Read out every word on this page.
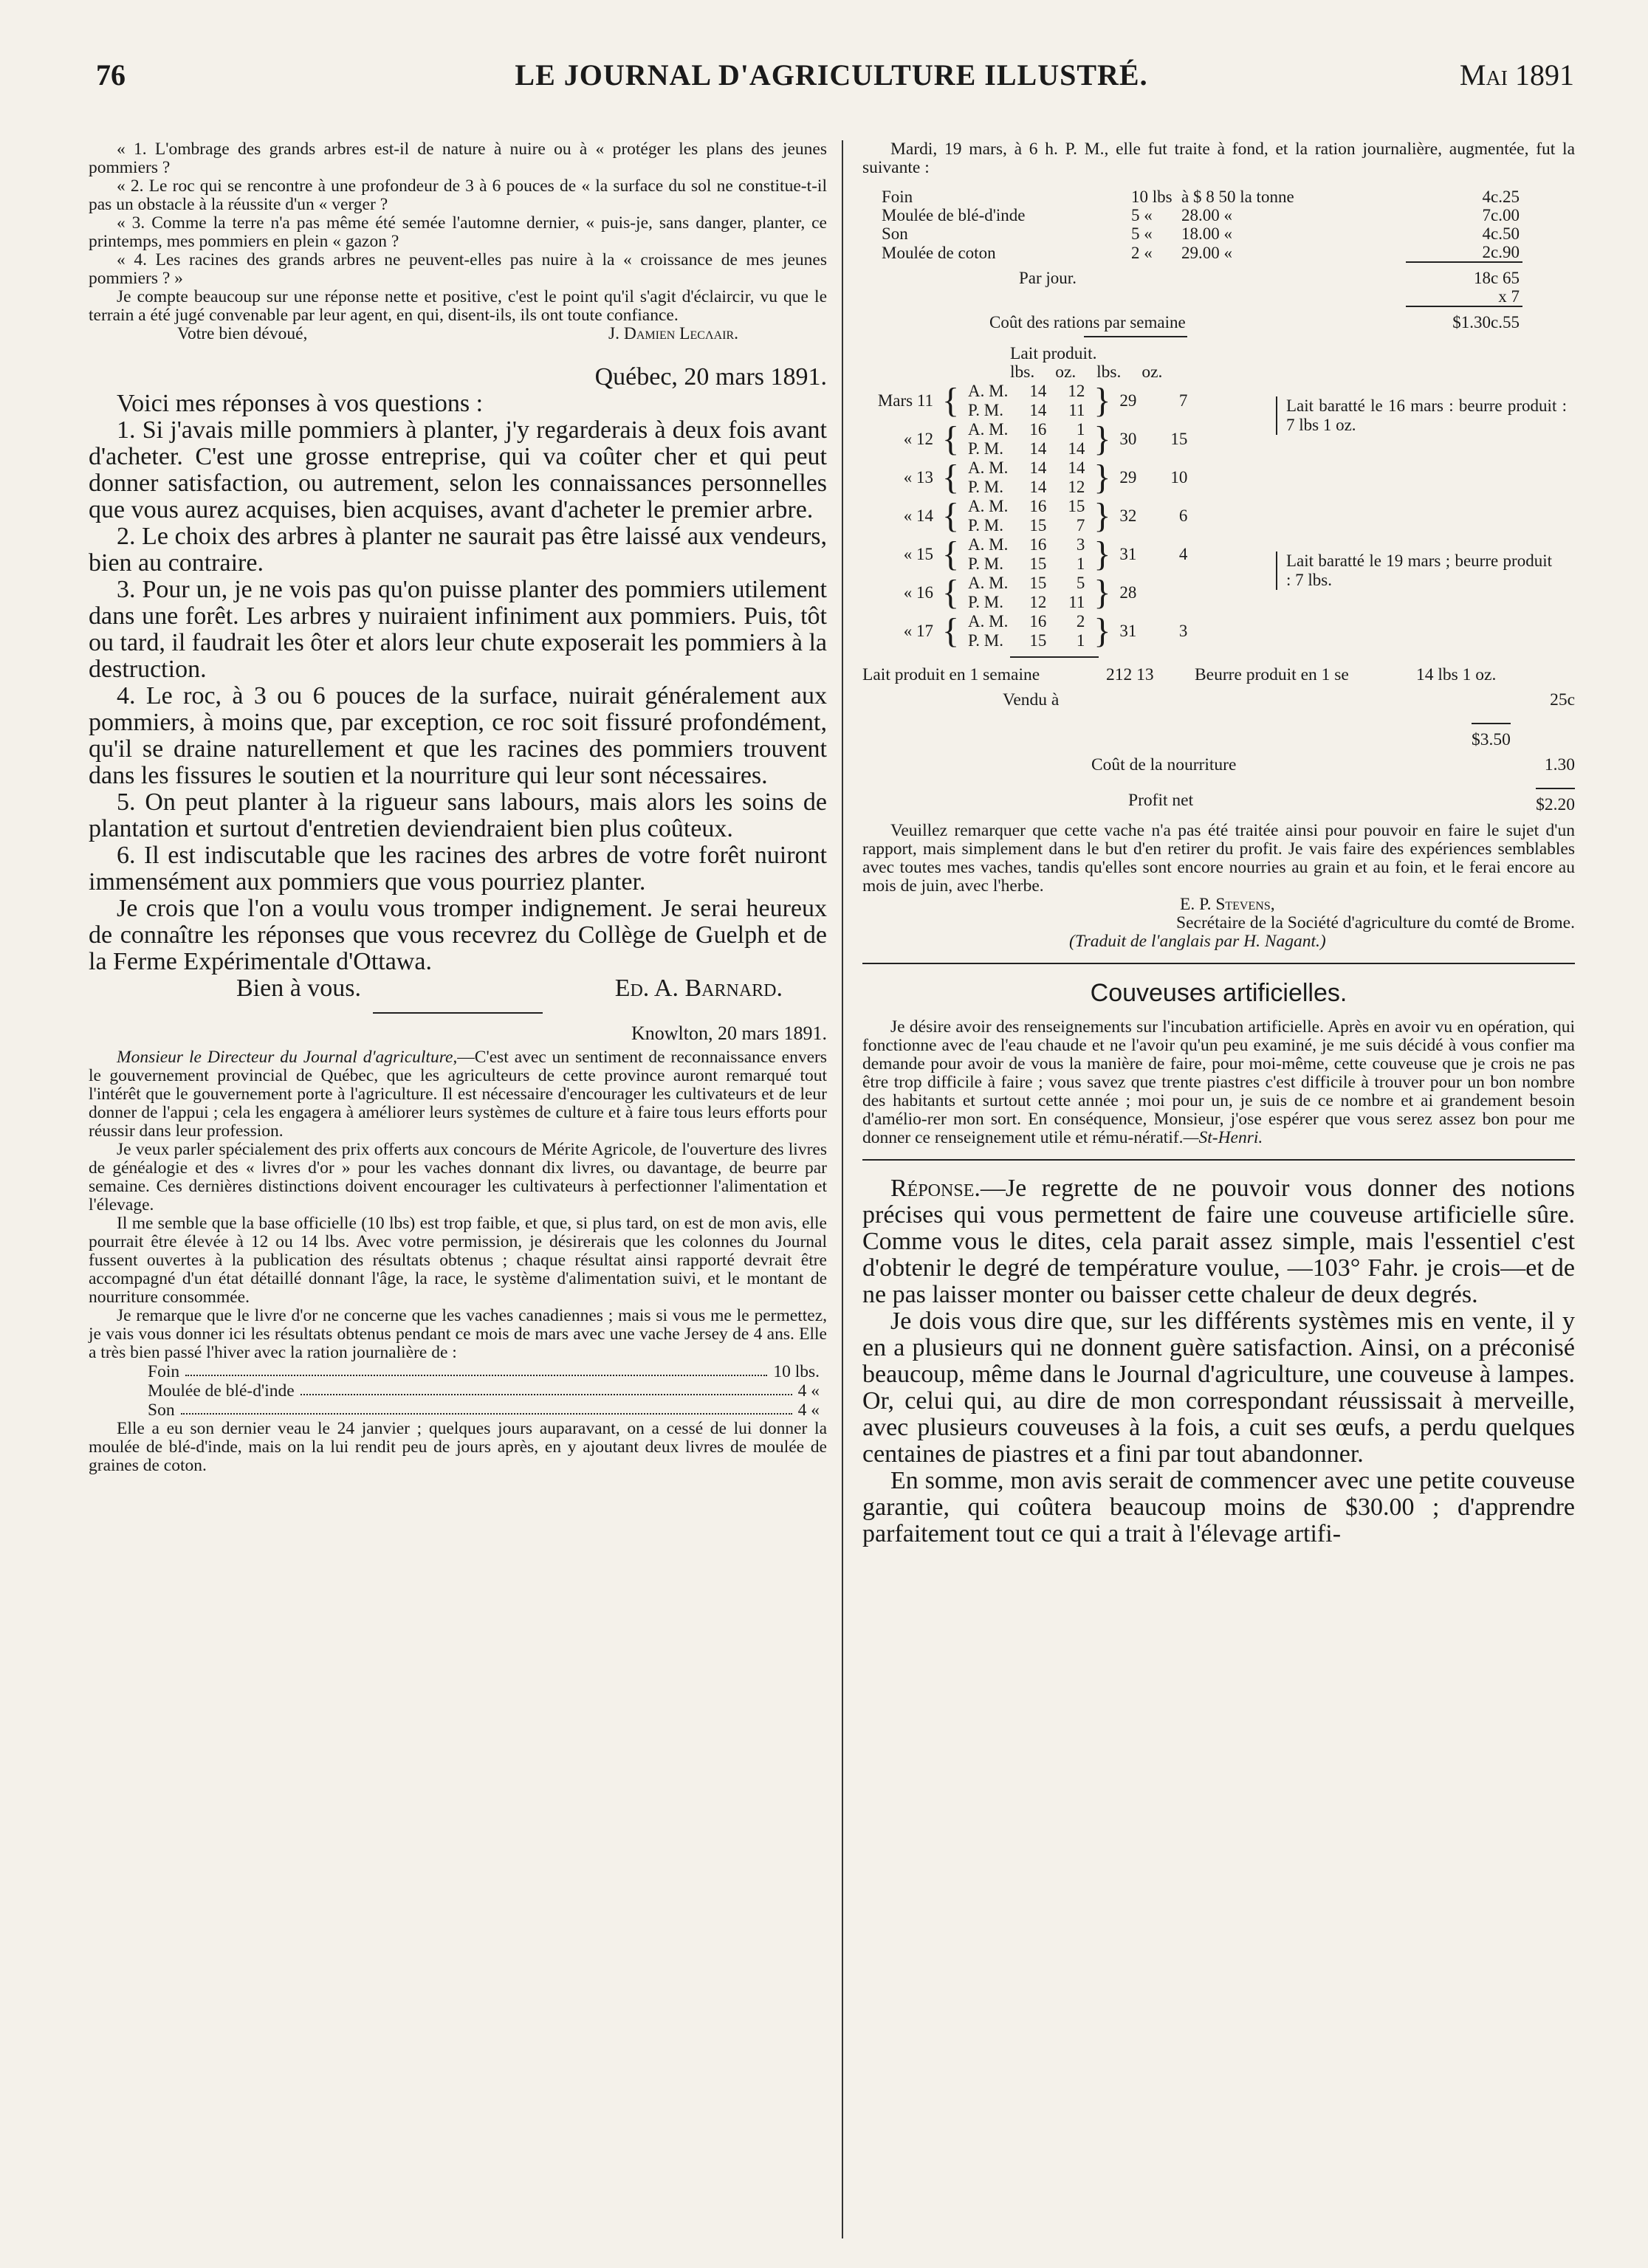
76	LE JOURNAL D'AGRICULTURE ILLUSTRÉ.	Mai 1891

« 1. L'ombrage des grands arbres est-il de nature à nuire ou à « protéger les plans des jeunes pommiers ?

« 2. Le roc qui se rencontre à une profondeur de 3 à 6 pouces de « la surface du sol ne constitue-t-il pas un obstacle à la réussite d'un « verger ?

« 3. Comme la terre n'a pas même été semée l'automne dernier, « puis-je, sans danger, planter, ce printemps, mes pommiers en plein « gazon ?

« 4. Les racines des grands arbres ne peuvent-elles pas nuire à la « croissance de mes jeunes pommiers ? »

Je compte beaucoup sur une réponse nette et positive, c'est le point qu'il s'agit d'éclaircir, vu que le terrain a été jugé convenable par leur agent, en qui, disent-ils, ils ont toute confiance.

Votre bien dévoué,	J. Damien Lecλair.

Québec, 20 mars 1891.

Voici mes réponses à vos questions :

1. Si j'avais mille pommiers à planter, j'y regarderais à deux fois avant d'acheter. C'est une grosse entreprise, qui va coûter cher et qui peut donner satisfaction, ou autrement, selon les connaissances personnelles que vous aurez acquises, bien acquises, avant d'acheter le premier arbre.

2. Le choix des arbres à planter ne saurait pas être laissé aux vendeurs, bien au contraire.

3. Pour un, je ne vois pas qu'on puisse planter des pommiers utilement dans une forêt. Les arbres y nuiraient infiniment aux pommiers. Puis, tôt ou tard, il faudrait les ôter et alors leur chute exposerait les pommiers à la destruction.

4. Le roc, à 3 ou 6 pouces de la surface, nuirait généralement aux pommiers, à moins que, par exception, ce roc soit fissuré profondément, qu'il se draine naturellement et que les racines des pommiers trouvent dans les fissures le soutien et la nourriture qui leur sont nécessaires.

5. On peut planter à la rigueur sans labours, mais alors les soins de plantation et surtout d'entretien deviendraient bien plus coûteux.

6. Il est indiscutable que les racines des arbres de votre forêt nuiront immensément aux pommiers que vous pourriez planter.

Je crois que l'on a voulu vous tromper indignement. Je serai heureux de connaître les réponses que vous recevrez du Collège de Guelph et de la Ferme Expérimentale d'Ottawa.

Bien à vous.	Ed. A. Barnard.

Knowlton, 20 mars 1891.

Monsieur le Directeur du Journal d'agriculture,—C'est avec un sentiment de reconnaissance envers le gouvernement provincial de Québec, que les agriculteurs de cette province auront remarqué tout l'intérêt que le gouvernement porte à l'agriculture. Il est nécessaire d'encourager les cultivateurs et de leur donner de l'appui ; cela les engagera à améliorer leurs systèmes de culture et à faire tous leurs efforts pour réussir dans leur profession.

Je veux parler spécialement des prix offerts aux concours de Mérite Agricole, de l'ouverture des livres de généalogie et des « livres d'or » pour les vaches donnant dix livres, ou davantage, de beurre par semaine. Ces dernières distinctions doivent encourager les cultivateurs à perfectionner l'alimentation et l'élevage.

Il me semble que la base officielle (10 lbs) est trop faible, et que, si plus tard, on est de mon avis, elle pourrait être élevée à 12 ou 14 lbs. Avec votre permission, je désirerais que les colonnes du Journal fussent ouvertes à la publication des résultats obtenus ; chaque résultat ainsi rapporté devrait être accompagné d'un état détaillé donnant l'âge, la race, le système d'alimentation suivi, et le montant de nourriture consommée.

Je remarque que le livre d'or ne concerne que les vaches canadiennes ; mais si vous me le permettez, je vais vous donner ici les résultats obtenus pendant ce mois de mars avec une vache Jersey de 4 ans. Elle a très bien passé l'hiver avec la ration journalière de :

Foin	10 lbs.
Moulée de blé-d'inde	4 «
Son	4 «

Elle a eu son dernier veau le 24 janvier ; quelques jours auparavant, on a cessé de lui donner la moulée de blé-d'inde, mais on la lui rendit peu de jours après, en y ajoutant deux livres de moulée de graines de coton.

Mardi, 19 mars, à 6 h. P. M., elle fut traite à fond, et la ration journalière, augmentée, fut la suivante :

Foin	10 lbs	à $ 8 50 la tonne	4c.25
Moulée de blé-d'inde	5 «	28.00 «	7c.00
Son	5 «	18.00 «	4c.50
Moulée de coton	2 «	29.00 «	2c.90
Par jour.			18c 65
			x 7
Coût des rations par semaine			$1.30c.55
Lait produit.
lbs. oz. lbs. oz.
Mars 11	{	A. M.	14	12	}	29	7
		P. M.	14	11			
« 12	{	A. M.	16	1	}	30	15
		P. M.	14	14			
« 13	{	A. M.	14	14	}	29	10
		P. M.	14	12			
« 14	{	A. M.	16	15	}	32	6
		P. M.	15	7			
« 15	{	A. M.	16	3	}	31	4
		P. M.	15	1			
« 16	{	A. M.	15	5	}	28	
		P. M.	12	11			
« 17	{	A. M.	16	2	}	31	3
		P. M.	15	1			
Lait baratté le 16 mars : beurre produit : 7 lbs 1 oz.
Lait baratté le 19 mars ; beurre produit : 7 lbs.
Lait produit en 1 semaine	212 13	Beurre produit en 1 se	14 lbs 1 oz.
Vendu à	25c
$3.50
Coût de la nourriture	1.30
Profit net	$2.20

Veuillez remarquer que cette vache n'a pas été traitée ainsi pour pouvoir en faire le sujet d'un rapport, mais simplement dans le but d'en retirer du profit. Je vais faire des expériences semblables avec toutes mes vaches, tandis qu'elles sont encore nourries au grain et au foin, et le ferai encore au mois de juin, avec l'herbe.

E. P. Stevens,

Secrétaire de la Société d'agriculture du comté de Brome.

(Traduit de l'anglais par H. Nagant.)

Couveuses artificielles.

Je désire avoir des renseignements sur l'incubation artificielle. Après en avoir vu en opération, qui fonctionne avec de l'eau chaude et ne l'avoir qu'un peu examiné, je me suis décidé à vous confier ma demande pour avoir de vous la manière de faire, pour moi-même, cette couveuse que je crois ne pas être trop difficile à faire ; vous savez que trente piastres c'est difficile à trouver pour un bon nombre des habitants et surtout cette année ; moi pour un, je suis de ce nombre et ai grandement besoin d'amélio-rer mon sort. En conséquence, Monsieur, j'ose espérer que vous serez assez bon pour me donner ce renseignement utile et rému-nératif.—St-Henri.

Réponse.—Je regrette de ne pouvoir vous donner des notions précises qui vous permettent de faire une couveuse artificielle sûre. Comme vous le dites, cela parait assez simple, mais l'essentiel c'est d'obtenir le degré de température voulue, —103° Fahr. je crois—et de ne pas laisser monter ou baisser cette chaleur de deux degrés.

Je dois vous dire que, sur les différents systèmes mis en vente, il y en a plusieurs qui ne donnent guère satisfaction. Ainsi, on a préconisé beaucoup, même dans le Journal d'agriculture, une couveuse à lampes. Or, celui qui, au dire de mon correspondant réussissait à merveille, avec plusieurs couveuses à la fois, a cuit ses œufs, a perdu quelques centaines de piastres et a fini par tout abandonner.

En somme, mon avis serait de commencer avec une petite couveuse garantie, qui coûtera beaucoup moins de $30.00 ; d'apprendre parfaitement tout ce qui a trait à l'élevage artifi-
